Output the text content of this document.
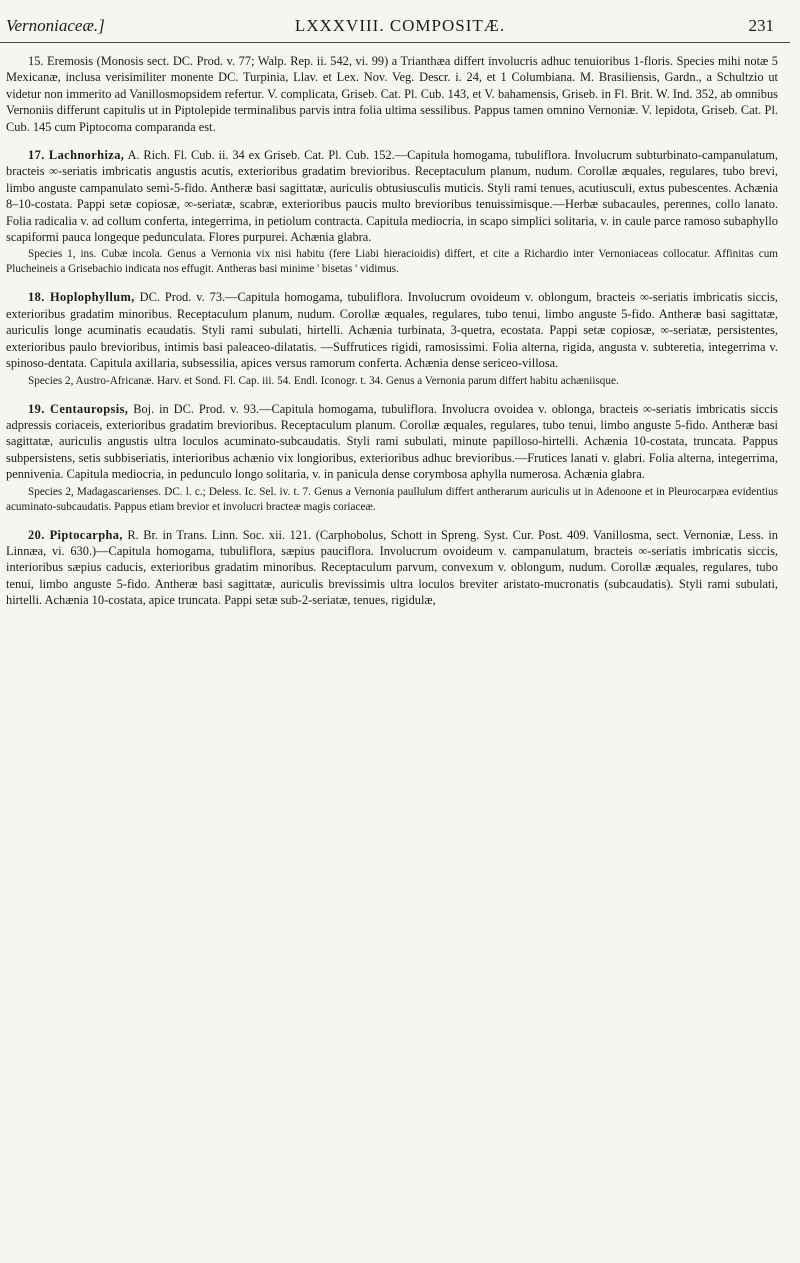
Vernoniaceæ.]	LXXXVIII. COMPOSITÆ.	231

15. Eremosis (Monosis sect. DC. Prod. v. 77; Walp. Rep. ii. 542, vi. 99) a Trianthæa differt involucris adhuc tenuioribus 1-floris. Species mihi notæ 5 Mexicanæ, inclusa verisimiliter monente DC. Turpinia, Llav. et Lex. Nov. Veg. Descr. i. 24, et 1 Columbiana. M. Brasiliensis, Gardn., a Schultzio ut videtur non immerito ad Vanillosmopsidem refertur. V. complicata, Griseb. Cat. Pl. Cub. 143, et V. bahamensis, Griseb. in Fl. Brit. W. Ind. 352, ab omnibus Vernoniis differunt capitulis ut in Piptolepide terminalibus parvis intra folia ultima sessilibus. Pappus tamen omnino Vernoniæ. V. lepidota, Griseb. Cat. Pl. Cub. 145 cum Piptocoma comparanda est.

17. Lachnorhiza, A. Rich. Fl. Cub. ii. 34 ex Griseb. Cat. Pl. Cub. 152.—Capitula homogama, tubuliflora. Involucrum subturbinato-campanulatum, bracteis ∞-seriatis imbricatis angustis acutis, exterioribus gradatim brevioribus. Receptaculum planum, nudum. Corollæ æquales, regulares, tubo brevi, limbo anguste campanulato semi-5-fido. Antheræ basi sagittatæ, auriculis obtusiusculis muticis. Styli rami tenues, acutiusculi, extus pubescentes. Achænia 8–10-costata. Pappi setæ copiosæ, ∞-seriatæ, scabræ, exterioribus paucis multo brevioribus tenuissimisque.—Herbæ subacaules, perennes, collo lanato. Folia radicalia v. ad collum conferta, integerrima, in petiolum contracta. Capitula mediocria, in scapo simplici solitaria, v. in caule parce ramoso subaphyllo scapiformi pauca longeque pedunculata. Flores purpurei. Achænia glabra.

Species 1, ins. Cubæ incola. Genus a Vernonia vix nisi habitu (fere Liabi hieracioidis) differt, et cite a Richardio inter Vernoniaceas collocatur. Affinitas cum Plucheineis a Grisebachio indicata nos effugit. Antheras basi minime ' bisetas ' vidimus.

18. Hoplophyllum, DC. Prod. v. 73.—Capitula homogama, tubuliflora. Involucrum ovoideum v. oblongum, bracteis ∞-seriatis imbricatis siccis, exterioribus gradatim minoribus. Receptaculum planum, nudum. Corollæ æquales, regulares, tubo tenui, limbo anguste 5-fido. Antheræ basi sagittatæ, auriculis longe acuminatis ecaudatis. Styli rami subulati, hirtelli. Achænia turbinata, 3-quetra, ecostata. Pappi setæ copiosæ, ∞-seriatæ, persistentes, exterioribus paulo brevioribus, intimis basi paleaceo-dilatatis. —Suffrutices rigidi, ramosissimi. Folia alterna, rigida, angusta v. subteretia, integerrima v. spinoso-dentata. Capitula axillaria, subsessilia, apices versus ramorum conferta. Achænia dense sericeo-villosa.

Species 2, Austro-Africanæ. Harv. et Sond. Fl. Cap. iii. 54. Endl. Iconogr. t. 34. Genus a Vernonia parum differt habitu achæniisque.

19. Centauropsis, Boj. in DC. Prod. v. 93.—Capitula homogama, tubuliflora. Involucra ovoidea v. oblonga, bracteis ∞-seriatis imbricatis siccis adpressis coriaceis, exterioribus gradatim brevioribus. Receptaculum planum. Corollæ æquales, regulares, tubo tenui, limbo anguste 5-fido. Antheræ basi sagittatæ, auriculis angustis ultra loculos acuminato-subcaudatis. Styli rami subulati, minute papilloso-hirtelli. Achænia 10-costata, truncata. Pappus subpersistens, setis subbiseriatis, interioribus achænio vix longioribus, exterioribus adhuc brevioribus.—Frutices lanati v. glabri. Folia alterna, integerrima, pennivenia. Capitula mediocria, in pedunculo longo solitaria, v. in panicula dense corymbosa aphylla numerosa. Achænia glabra.

Species 2, Madagascarienses. DC. l. c.; Deless. Ic. Sel. iv. t. 7. Genus a Vernonia paullulum differt antherarum auriculis ut in Adenoone et in Pleurocarpæa evidentius acuminato-subcaudatis. Pappus etiam brevior et involucri bracteæ magis coriaceæ.

20. Piptocarpha, R. Br. in Trans. Linn. Soc. xii. 121. (Carphobolus, Schott in Spreng. Syst. Cur. Post. 409. Vanillosma, sect. Vernoniæ, Less. in Linnæa, vi. 630.)—Capitula homogama, tubuliflora, sæpius pauciflora. Involucrum ovoideum v. campanulatum, bracteis ∞-seriatis imbricatis siccis, interioribus sæpius caducis, exterioribus gradatim minoribus. Receptaculum parvum, convexum v. oblongum, nudum. Corollæ æquales, regulares, tubo tenui, limbo anguste 5-fido. Antheræ basi sagittatæ, auriculis brevissimis ultra loculos breviter aristato-mucronatis (subcaudatis). Styli rami subulati, hirtelli. Achænia 10-costata, apice truncata. Pappi setæ sub-2-seriatæ, tenues, rigidulæ,
